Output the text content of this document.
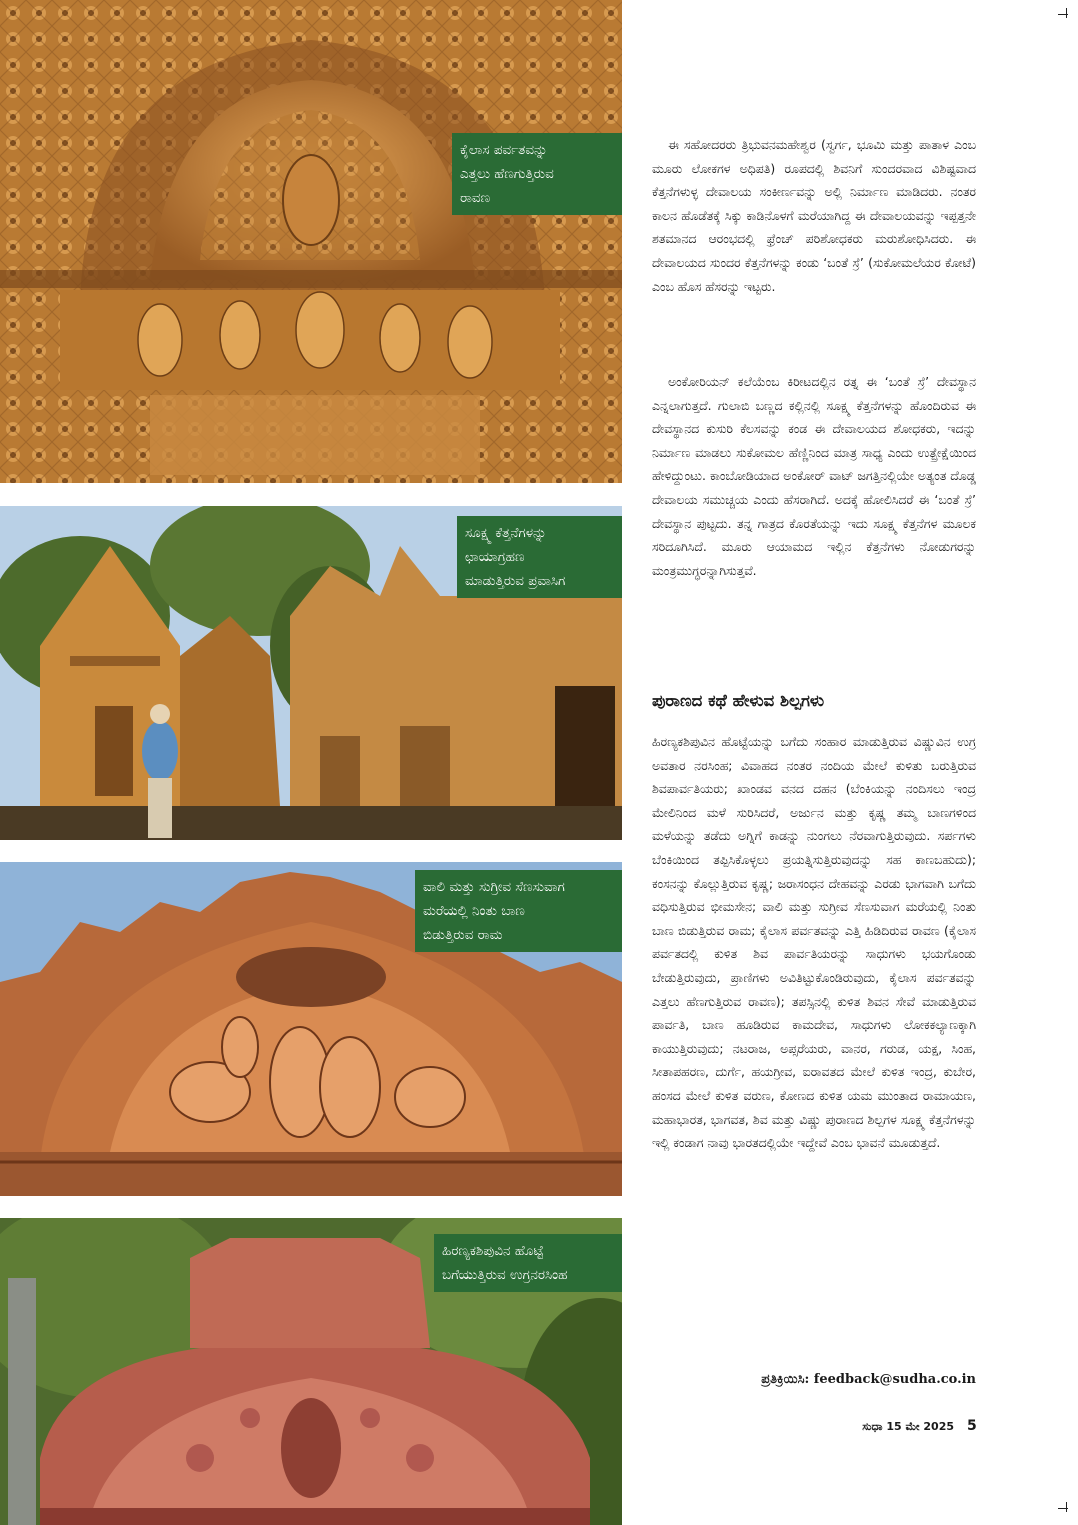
ಕೈಲಾಸ ಪರ್ವತವನ್ನು
ಎತ್ತಲು ಹೆಣಗುತ್ತಿರುವ
ರಾವಣ
ಸೂಕ್ಷ್ಮ ಕೆತ್ತನೆಗಳನ್ನು
ಛಾಯಾಗ್ರಹಣ
ಮಾಡುತ್ತಿರುವ ಪ್ರವಾಸಿಗ
ವಾಲಿ ಮತ್ತು ಸುಗ್ರೀವ ಸೆಣಸುವಾಗ
ಮರೆಯಲ್ಲಿ ನಿಂತು ಬಾಣ
ಬಿಡುತ್ತಿರುವ ರಾಮ
ಹಿರಣ್ಯಕಶಿಪುವಿನ ಹೊಟ್ಟೆ
ಬಗೆಯುತ್ತಿರುವ ಉಗ್ರನರಸಿಂಹ

ಈ ಸಹೋದರರು ತ್ರಿಭುವನಮಹೇಶ್ವರ (ಸ್ವರ್ಗ, ಭೂಮಿ ಮತ್ತು ಪಾತಾಳ ಎಂಬ ಮೂರು ಲೋಕಗಳ ಅಧಿಪತಿ) ರೂಪದಲ್ಲಿ ಶಿವನಿಗೆ ಸುಂದರವಾದ ವಿಶಿಷ್ಟವಾದ ಕೆತ್ತನೆಗಳುಳ್ಳ ದೇವಾಲಯ ಸಂಕೀರ್ಣವನ್ನು ಅಲ್ಲಿ ನಿರ್ಮಾಣ ಮಾಡಿದರು. ನಂತರ ಕಾಲನ ಹೊಡೆತಕ್ಕೆ ಸಿಕ್ಕು ಕಾಡಿನೊಳಗೆ ಮರೆಯಾಗಿದ್ದ ಈ ದೇವಾಲಯವನ್ನು ಇಪ್ಪತ್ತನೇ ಶತಮಾನದ ಆರಂಭದಲ್ಲಿ ಫ್ರೆಂಚ್ ಪರಿಶೋಧಕರು ಮರುಶೋಧಿಸಿದರು. ಈ ದೇವಾಲಯದ ಸುಂದರ ಕೆತ್ತನೆಗಳನ್ನು ಕಂಡು ‘ಬಂತೆ ಸ್ರೆ’ (ಸುಕೋಮಲೆಯರ ಕೋಟೆ) ಎಂಬ ಹೊಸ ಹೆಸರನ್ನು ಇಟ್ಟರು.

ಅಂಕೋರಿಯನ್ ಕಲೆಯೆಂಬ ಕಿರೀಟದಲ್ಲಿನ ರತ್ನ ಈ ‘ಬಂತೆ ಸ್ರೆ’ ದೇವಸ್ಥಾನ ಎನ್ನಲಾಗುತ್ತದೆ. ಗುಲಾಬಿ ಬಣ್ಣದ ಕಲ್ಲಿನಲ್ಲಿ ಸೂಕ್ಷ್ಮ ಕೆತ್ತನೆಗಳನ್ನು ಹೊಂದಿರುವ ಈ ದೇವಸ್ಥಾನದ ಕುಸುರಿ ಕೆಲಸವನ್ನು ಕಂಡ ಈ ದೇವಾಲಯದ ಶೋಧಕರು, ಇದನ್ನು ನಿರ್ಮಾಣ ಮಾಡಲು ಸುಕೋಮಲ ಹೆಣ್ಣಿನಿಂದ ಮಾತ್ರ ಸಾಧ್ಯ ಎಂದು ಉತ್ಪ್ರೇಕ್ಷೆಯಿಂದ ಹೇಳಿದ್ದುಂಟು. ಕಾಂಬೋಡಿಯಾದ ಅಂಕೋರ್ ವಾಟ್ ಜಗತ್ತಿನಲ್ಲಿಯೇ ಅತ್ಯಂತ ದೊಡ್ಡ ದೇವಾಲಯ ಸಮುಚ್ಚಯ ಎಂದು ಹೆಸರಾಗಿದೆ. ಅದಕ್ಕೆ ಹೋಲಿಸಿದರೆ ಈ ‘ಬಂತೆ ಸ್ರೆ’ ದೇವಸ್ಥಾನ ಪುಟ್ಟದು. ತನ್ನ ಗಾತ್ರದ ಕೊರತೆಯನ್ನು ಇದು ಸೂಕ್ಷ್ಮ ಕೆತ್ತನೆಗಳ ಮೂಲಕ ಸರಿದೂಗಿಸಿದೆ. ಮೂರು ಆಯಾಮದ ಇಲ್ಲಿನ ಕೆತ್ತನೆಗಳು ನೋಡುಗರನ್ನು ಮಂತ್ರಮುಗ್ಧರನ್ನಾಗಿಸುತ್ತವೆ.

ಪುರಾಣದ ಕಥೆ ಹೇಳುವ ಶಿಲ್ಪಗಳು

ಹಿರಣ್ಯಕಶಿಪುವಿನ ಹೊಟ್ಟೆಯನ್ನು ಬಗೆದು ಸಂಹಾರ ಮಾಡುತ್ತಿರುವ ವಿಷ್ಣುವಿನ ಉಗ್ರ ಅವತಾರ ನರಸಿಂಹ; ವಿವಾಹದ ನಂತರ ನಂದಿಯ ಮೇಲೆ ಕುಳಿತು ಬರುತ್ತಿರುವ ಶಿವಪಾರ್ವತಿಯರು; ಖಾಂಡವ ವನದ ದಹನ (ಬೆಂಕಿಯನ್ನು ನಂದಿಸಲು ಇಂದ್ರ ಮೇಲಿನಿಂದ ಮಳೆ ಸುರಿಸಿದರೆ, ಅರ್ಜುನ ಮತ್ತು ಕೃಷ್ಣ ತಮ್ಮ ಬಾಣಗಳಿಂದ ಮಳೆಯನ್ನು ತಡೆದು ಅಗ್ನಿಗೆ ಕಾಡನ್ನು ನುಂಗಲು ನೆರವಾಗುತ್ತಿರುವುದು. ಸರ್ಪಗಳು ಬೆಂಕಿಯಿಂದ ತಪ್ಪಿಸಿಕೊಳ್ಳಲು ಪ್ರಯತ್ನಿಸುತ್ತಿರುವುದನ್ನು ಸಹ ಕಾಣಬಹುದು); ಕಂಸನನ್ನು ಕೊಲ್ಲುತ್ತಿರುವ ಕೃಷ್ಣ; ಜರಾಸಂಧನ ದೇಹವನ್ನು ಎರಡು ಭಾಗವಾಗಿ ಬಗೆದು ವಧಿಸುತ್ತಿರುವ ಭೀಮಸೇನ; ವಾಲಿ ಮತ್ತು ಸುಗ್ರೀವ ಸೆಣಸುವಾಗ ಮರೆಯಲ್ಲಿ ನಿಂತು ಬಾಣ ಬಿಡುತ್ತಿರುವ ರಾಮ; ಕೈಲಾಸ ಪರ್ವತವನ್ನು ಎತ್ತಿ ಹಿಡಿದಿರುವ ರಾವಣ (ಕೈಲಾಸ ಪರ್ವತದಲ್ಲಿ ಕುಳಿತ ಶಿವ ಪಾರ್ವತಿಯರನ್ನು ಸಾಧುಗಳು ಭಯಗೊಂಡು ಬೇಡುತ್ತಿರುವುದು, ಪ್ರಾಣಿಗಳು ಅವಿತಿಟ್ಟುಕೊಂಡಿರುವುದು, ಕೈಲಾಸ ಪರ್ವತವನ್ನು ಎತ್ತಲು ಹೆಣಗುತ್ತಿರುವ ರಾವಣ); ತಪಸ್ಸಿನಲ್ಲಿ ಕುಳಿತ ಶಿವನ ಸೇವೆ ಮಾಡುತ್ತಿರುವ ಪಾರ್ವತಿ, ಬಾಣ ಹೂಡಿರುವ ಕಾಮದೇವ, ಸಾಧುಗಳು ಲೋಕಕಲ್ಯಾಣಕ್ಕಾಗಿ ಕಾಯುತ್ತಿರುವುದು; ನಟರಾಜ, ಅಪ್ಸರೆಯರು, ವಾನರ, ಗರುಡ, ಯಕ್ಷ, ಸಿಂಹ, ಸೀತಾಪಹರಣ, ದುರ್ಗೆ, ಹಯಗ್ರೀವ, ಐರಾವತದ ಮೇಲೆ ಕುಳಿತ ಇಂದ್ರ, ಕುಬೇರ, ಹಂಸದ ಮೇಲೆ ಕುಳಿತ ವರುಣ, ಕೋಣದ ಕುಳಿತ ಯಮ ಮುಂತಾದ ರಾಮಾಯಣ, ಮಹಾಭಾರತ, ಭಾಗವತ, ಶಿವ ಮತ್ತು ವಿಷ್ಣು ಪುರಾಣದ ಶಿಲ್ಪಗಳ ಸೂಕ್ಷ್ಮ ಕೆತ್ತನೆಗಳನ್ನು ಇಲ್ಲಿ ಕಂಡಾಗ ನಾವು ಭಾರತದಲ್ಲಿಯೇ ಇದ್ದೇವೆ ಎಂಬ ಭಾವನೆ ಮೂಡುತ್ತದೆ.

ಪ್ರತಿಕ್ರಿಯಿಸಿ: feedback@sudha.co.in
ಸುಧಾ 15 ಮೇ 2025 5
